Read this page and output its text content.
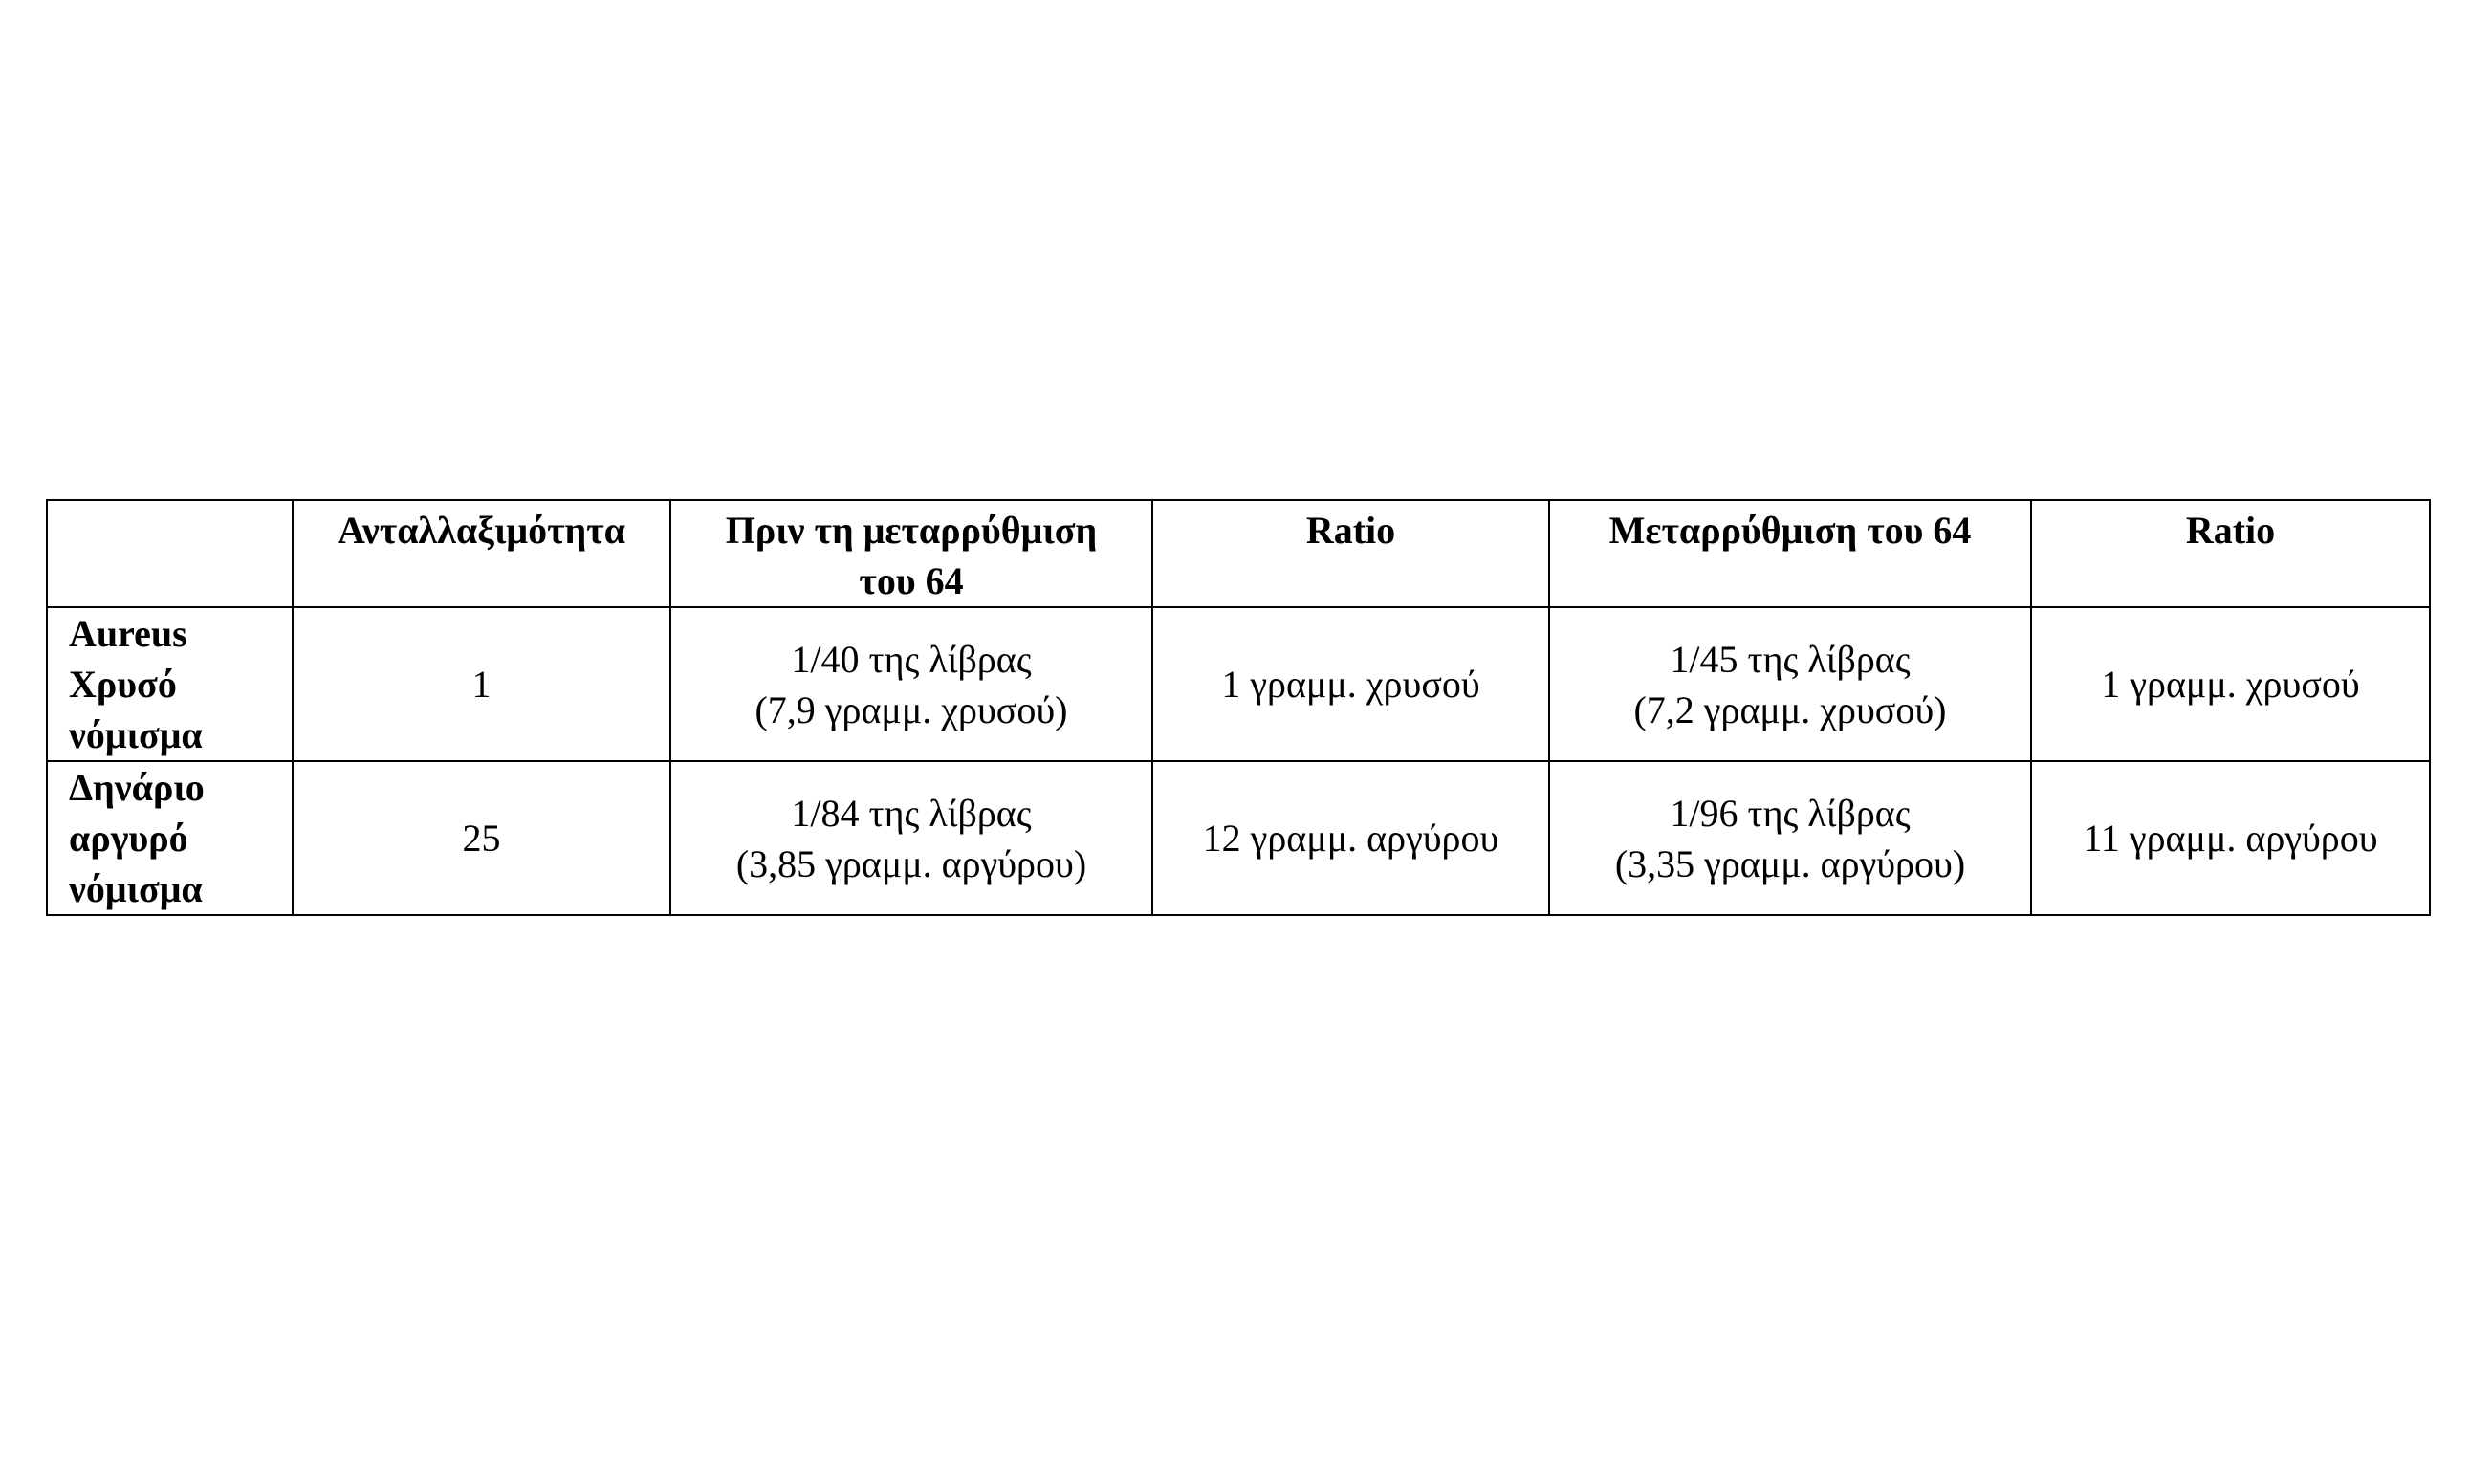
	Ανταλλαξιμότητα	Πριν τη μεταρρύθμιση
του 64	Ratio	Μεταρρύθμιση του 64	Ratio

Aureus
Χρυσό
νόμισμα	1	1/40 της λίβρας
(7,9 γραμμ. χρυσού)	1 γραμμ. χρυσού	1/45 της λίβρας
(7,2 γραμμ. χρυσού)	1 γραμμ. χρυσού

Δηνάριο
αργυρό
νόμισμα	25	1/84 της λίβρας
(3,85 γραμμ. αργύρου)	12 γραμμ. αργύρου	1/96 της λίβρας
(3,35 γραμμ. αργύρου)	11 γραμμ. αργύρου
